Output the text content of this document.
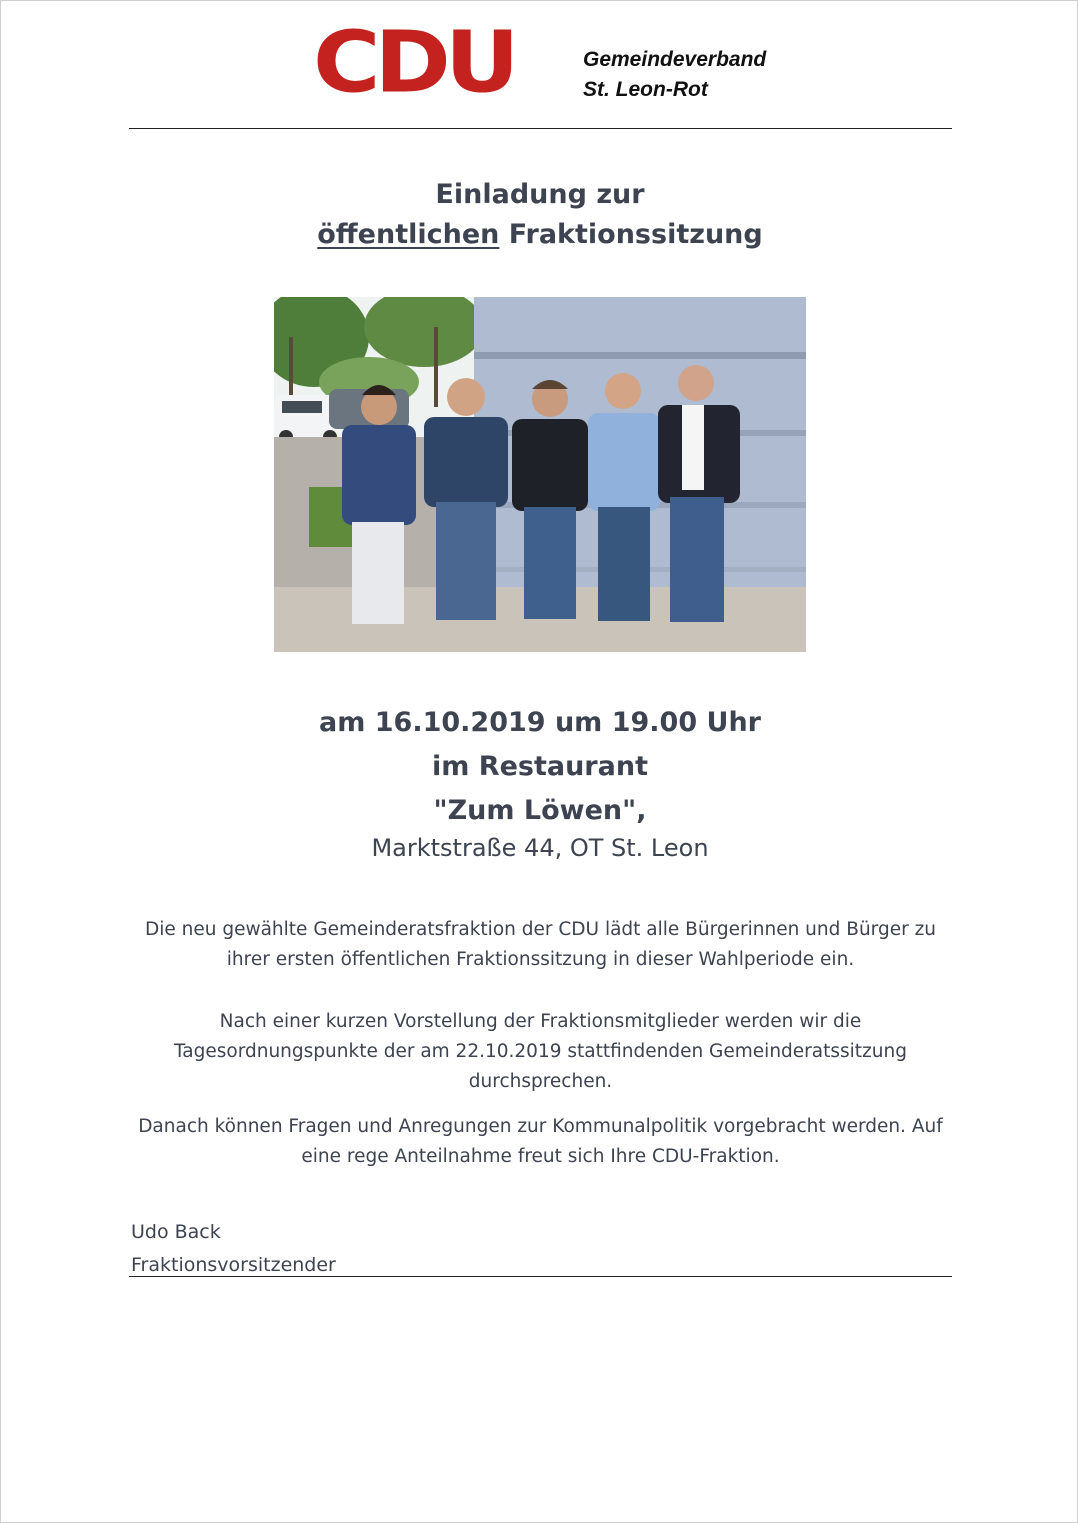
CDU	Gemeindeverband
St. Leon-Rot
Einladung zur
öffentlichen Fraktionssitzung
am 16.10.2019 um 19.00 Uhr
im Restaurant
"Zum Löwen",
Marktstraße 44, OT St. Leon
Die neu gewählte Gemeinderatsfraktion der CDU lädt alle Bürgerinnen und Bürger zu ihrer ersten öffentlichen Fraktionssitzung in dieser Wahlperiode ein.
Nach einer kurzen Vorstellung der Fraktionsmitglieder werden wir die Tagesordnungspunkte der am 22.10.2019 stattfindenden Gemeinderatssitzung durchsprechen.
Danach können Fragen und Anregungen zur Kommunalpolitik vorgebracht werden. Auf eine rege Anteilnahme freut sich Ihre CDU-Fraktion.
Udo Back
Fraktionsvorsitzender
